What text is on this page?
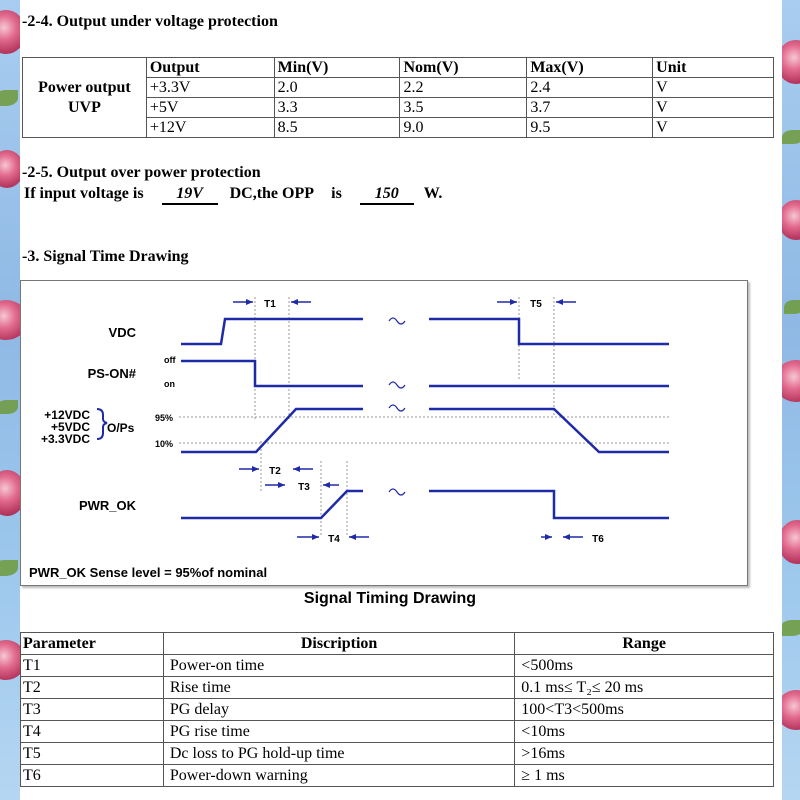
-2-4. Output under voltage protection
Power output
UVP	Output	Min(V)	Nom(V)	Max(V)	Unit
	+3.3V	2.0	2.2	2.4	V
	+5V	3.3	3.5	3.7	V
	+12V	8.5	9.0	9.5	V
-2-5. Output over power protection
If input voltage is 19V DC,the OPP is 150 W.
-3. Signal Time Drawing
VDC
PS-ON#
off
on
+12VDC
+5VDC
+3.3VDC
O/Ps
95%
10%
PWR_OK
T1	T5
T2
T3
T4	T6
PWR_OK Sense level = 95%of nominal
Signal Timing Drawing
Parameter	Discription	Range
T1	Power-on time	<500ms
T2	Rise time	0.1 ms≤ T₂≤ 20 ms
T3	PG delay	100<T3<500ms
T4	PG rise time	<10ms
T5	Dc loss to PG hold-up time	>16ms
T6	Power-down warning	≥ 1 ms
